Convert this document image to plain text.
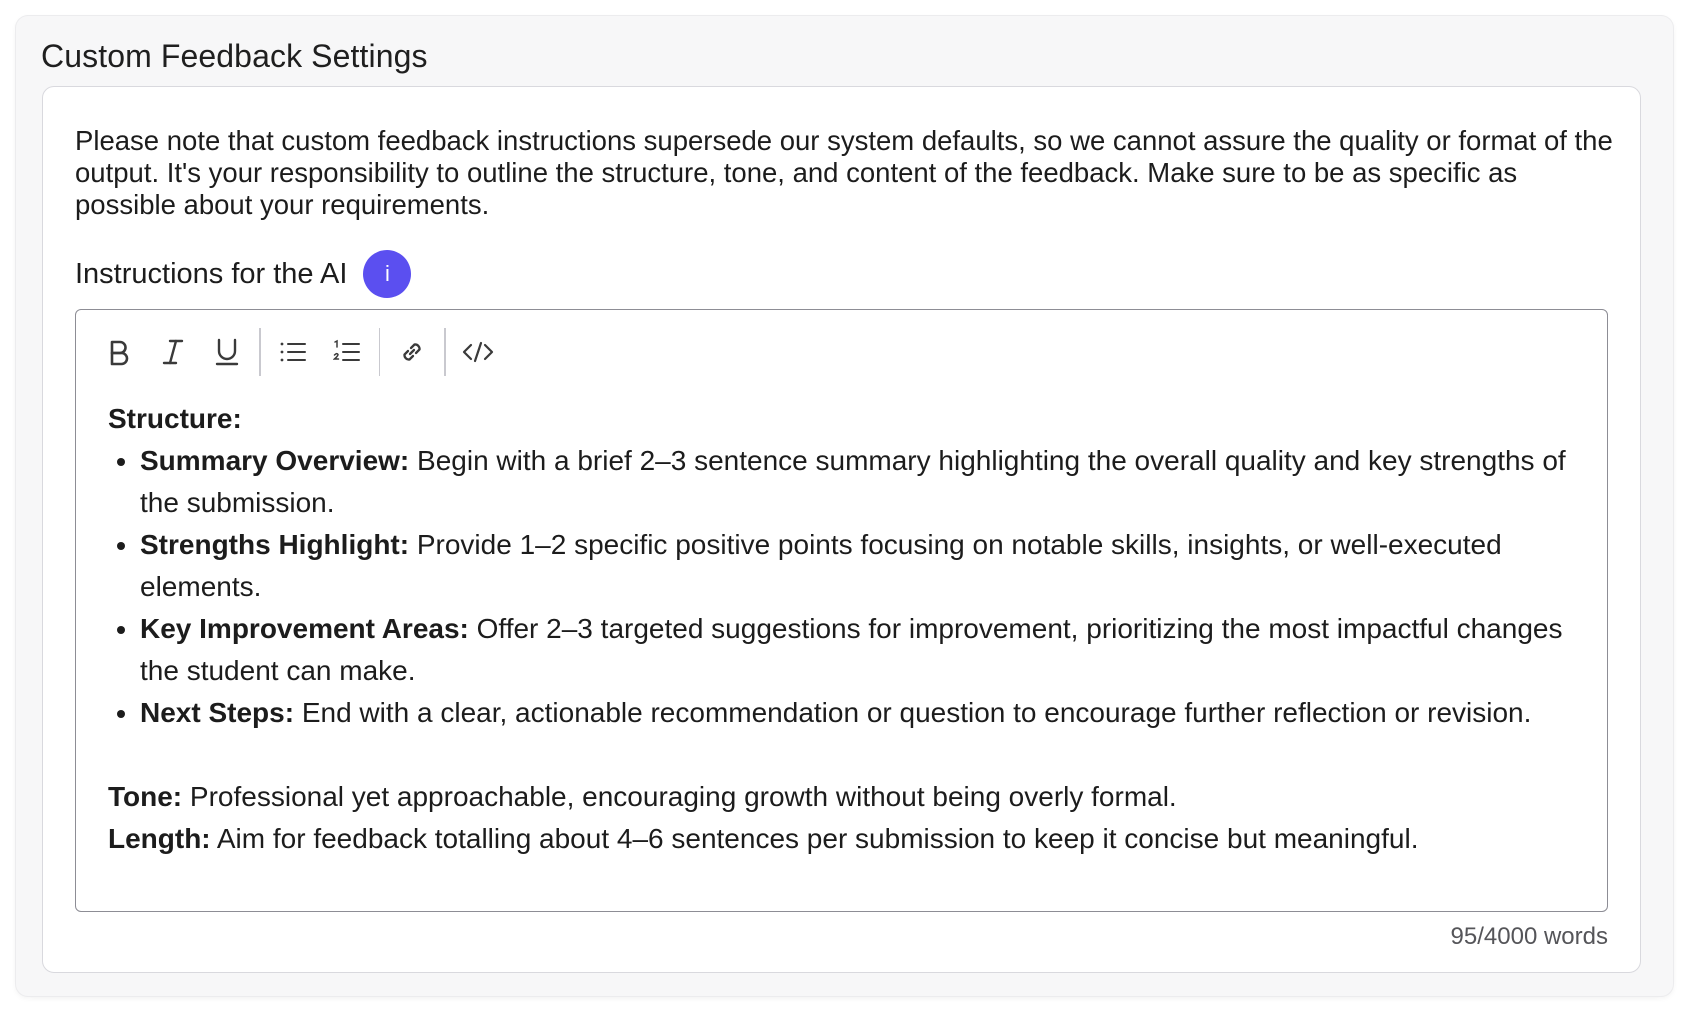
Custom Feedback Settings
Please note that custom feedback instructions supersede our system defaults, so we cannot assure the quality or format of the output. It's your responsibility to outline the structure, tone, and content of the feedback. Make sure to be as specific as possible about your requirements.
Instructions for the AI	i

Structure:

• Summary Overview: Begin with a brief 2–3 sentence summary highlighting the overall quality and key strengths of the submission.
• Strengths Highlight: Provide 1–2 specific positive points focusing on notable skills, insights, or well-executed elements.
• Key Improvement Areas: Offer 2–3 targeted suggestions for improvement, prioritizing the most impactful changes the student can make.
• Next Steps: End with a clear, actionable recommendation or question to encourage further reflection or revision.

Tone: Professional yet approachable, encouraging growth without being overly formal.

Length: Aim for feedback totalling about 4–6 sentences per submission to keep it concise but meaningful.

95/4000 words
